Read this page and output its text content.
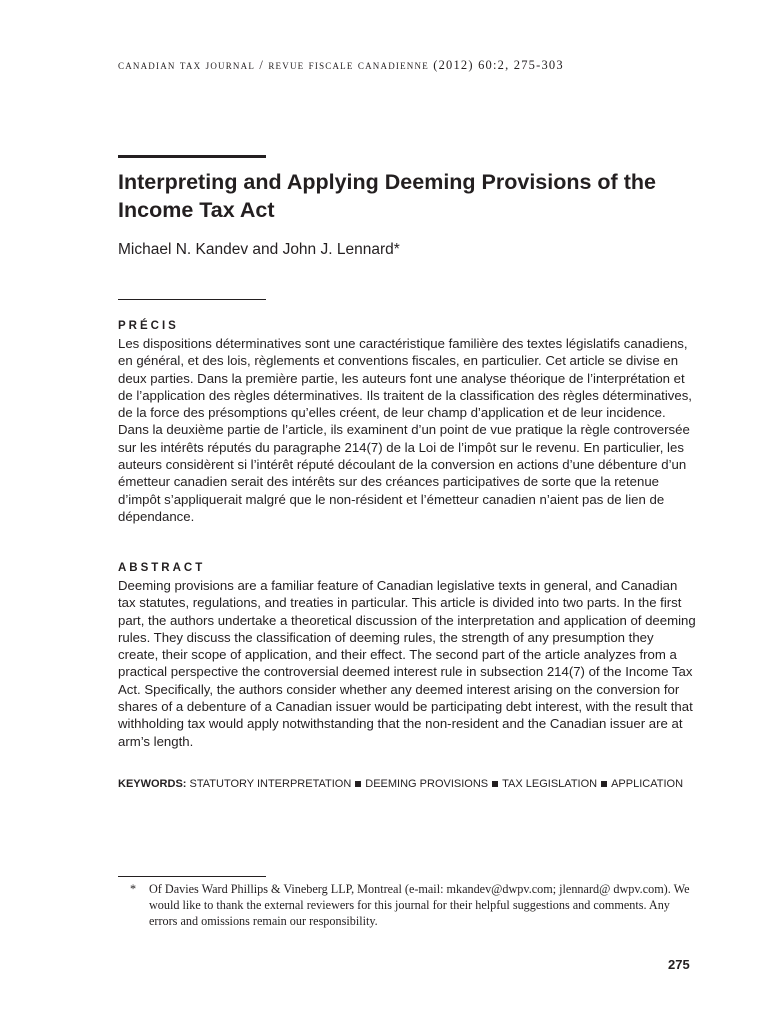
canadian tax journal / revue fiscale canadienne (2012) 60:2, 275-303
Interpreting and Applying Deeming Provisions of the Income Tax Act
Michael N. Kandev and John J. Lennard*
PRÉCIS

Les dispositions déterminatives sont une caractéristique familière des textes législatifs canadiens, en général, et des lois, règlements et conventions fiscales, en particulier. Cet article se divise en deux parties. Dans la première partie, les auteurs font une analyse théorique de l’interprétation et de l’application des règles déterminatives. Ils traitent de la classification des règles déterminatives, de la force des présomptions qu’elles créent, de leur champ d’application et de leur incidence. Dans la deuxième partie de l’article, ils examinent d’un point de vue pratique la règle controversée sur les intérêts réputés du paragraphe 214(7) de la Loi de l’impôt sur le revenu. En particulier, les auteurs considèrent si l’intérêt réputé découlant de la conversion en actions d’une débenture d’un émetteur canadien serait des intérêts sur des créances participatives de sorte que la retenue d’impôt s’appliquerait malgré que le non-résident et l’émetteur canadien n’aient pas de lien de dépendance.

ABSTRACT

Deeming provisions are a familiar feature of Canadian legislative texts in general, and Canadian tax statutes, regulations, and treaties in particular. This article is divided into two parts. In the first part, the authors undertake a theoretical discussion of the interpretation and application of deeming rules. They discuss the classification of deeming rules, the strength of any presumption they create, their scope of application, and their effect. The second part of the article analyzes from a practical perspective the controversial deemed interest rule in subsection 214(7) of the Income Tax Act. Specifically, the authors consider whether any deemed interest arising on the conversion for shares of a debenture of a Canadian issuer would be participating debt interest, with the result that withholding tax would apply notwithstanding that the non-resident and the Canadian issuer are at arm’s length.

KEYWORDS: STATUTORY INTERPRETATION DEEMING PROVISIONS TAX LEGISLATION APPLICATION
* Of Davies Ward Phillips & Vineberg LLP, Montreal (e-mail: mkandev@dwpv.com; jlennard@ dwpv.com). We would like to thank the external reviewers for this journal for their helpful suggestions and comments. Any errors and omissions remain our responsibility.
275
